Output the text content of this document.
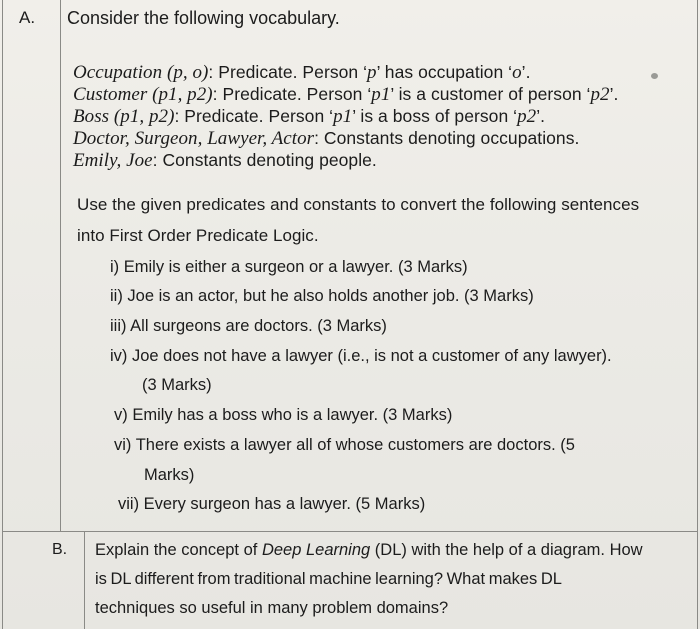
A. Consider the following vocabulary.
Occupation (p, o): Predicate. Person ‘p’ has occupation ‘o’.
Customer (p1, p2): Predicate. Person ‘p1’ is a customer of person ‘p2’.
Boss (p1, p2): Predicate. Person ‘p1’ is a boss of person ‘p2’.
Doctor, Surgeon, Lawyer, Actor: Constants denoting occupations.
Emily, Joe: Constants denoting people.
Use the given predicates and constants to convert the following sentences
into First Order Predicate Logic.
i) Emily is either a surgeon or a lawyer. (3 Marks)
ii) Joe is an actor, but he also holds another job. (3 Marks)
iii) All surgeons are doctors. (3 Marks)
iv) Joe does not have a lawyer (i.e., is not a customer of any lawyer).
(3 Marks)
v) Emily has a boss who is a lawyer. (3 Marks)
vi) There exists a lawyer all of whose customers are doctors. (5
Marks)
vii) Every surgeon has a lawyer. (5 Marks)
B. Explain the concept of Deep Learning (DL) with the help of a diagram. How
is DL different from traditional machine learning? What makes DL
techniques so useful in many problem domains?
